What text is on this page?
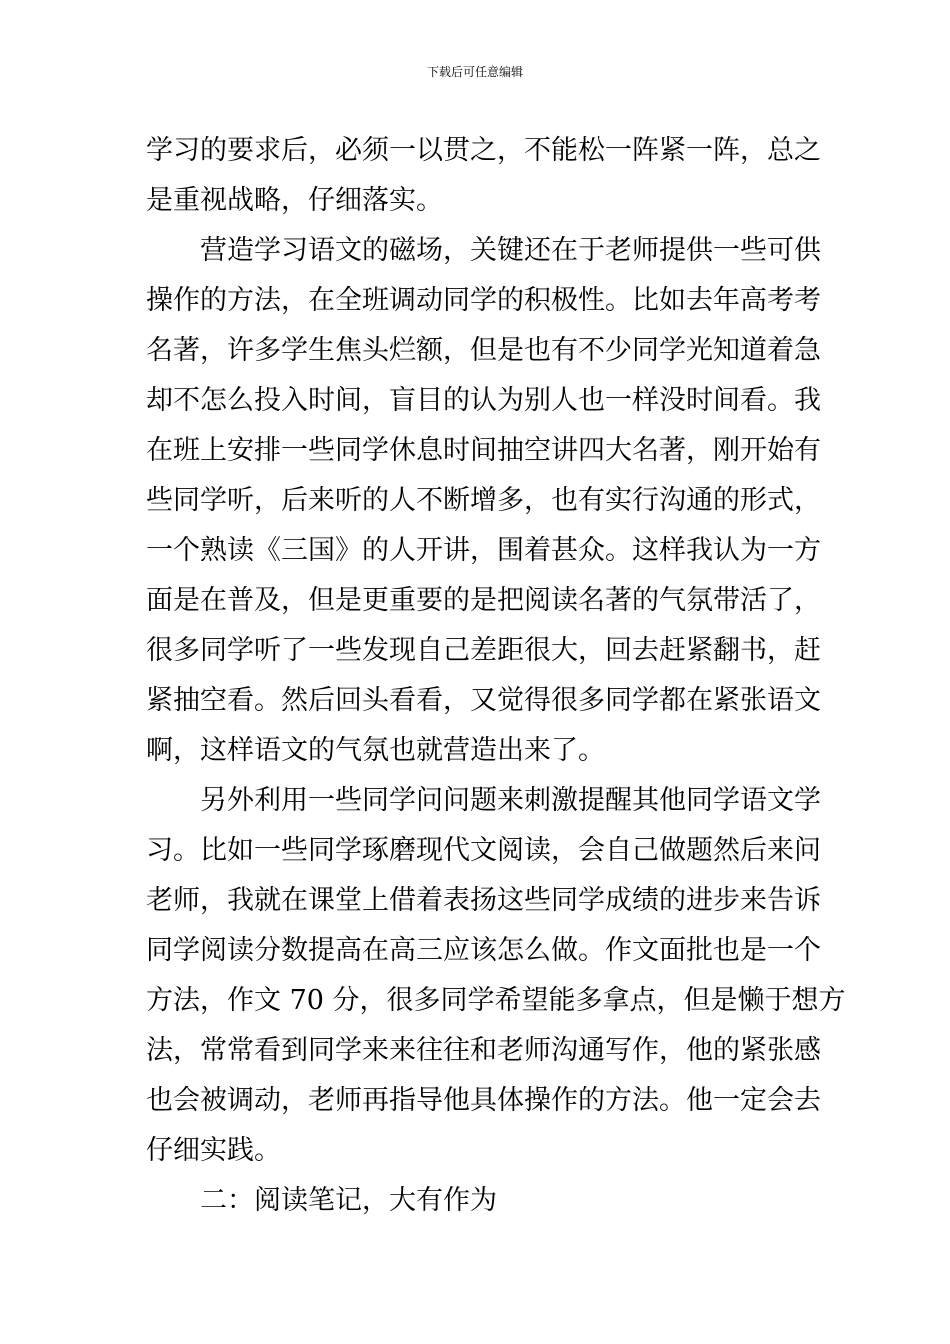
下载后可任意编辑
学习的要求后，必须一以贯之，不能松一阵紧一阵，总之
是重视战略，仔细落实。
　　营造学习语文的磁场，关键还在于老师提供一些可供
操作的方法，在全班调动同学的积极性。比如去年高考考
名著，许多学生焦头烂额，但是也有不少同学光知道着急
却不怎么投入时间，盲目的认为别人也一样没时间看。我
在班上安排一些同学休息时间抽空讲四大名著，刚开始有
些同学听，后来听的人不断增多，也有实行沟通的形式，
一个熟读《三国》的人开讲，围着甚众。这样我认为一方
面是在普及，但是更重要的是把阅读名著的气氛带活了，
很多同学听了一些发现自己差距很大，回去赶紧翻书，赶
紧抽空看。然后回头看看，又觉得很多同学都在紧张语文
啊，这样语文的气氛也就营造出来了。
　　另外利用一些同学问问题来刺激提醒其他同学语文学
习。比如一些同学琢磨现代文阅读，会自己做题然后来问
老师，我就在课堂上借着表扬这些同学成绩的进步来告诉
同学阅读分数提高在高三应该怎么做。作文面批也是一个
方法，作文 70 分，很多同学希望能多拿点，但是懒于想方
法，常常看到同学来来往往和老师沟通写作，他的紧张感
也会被调动，老师再指导他具体操作的方法。他一定会去
仔细实践。
　　二：阅读笔记，大有作为
